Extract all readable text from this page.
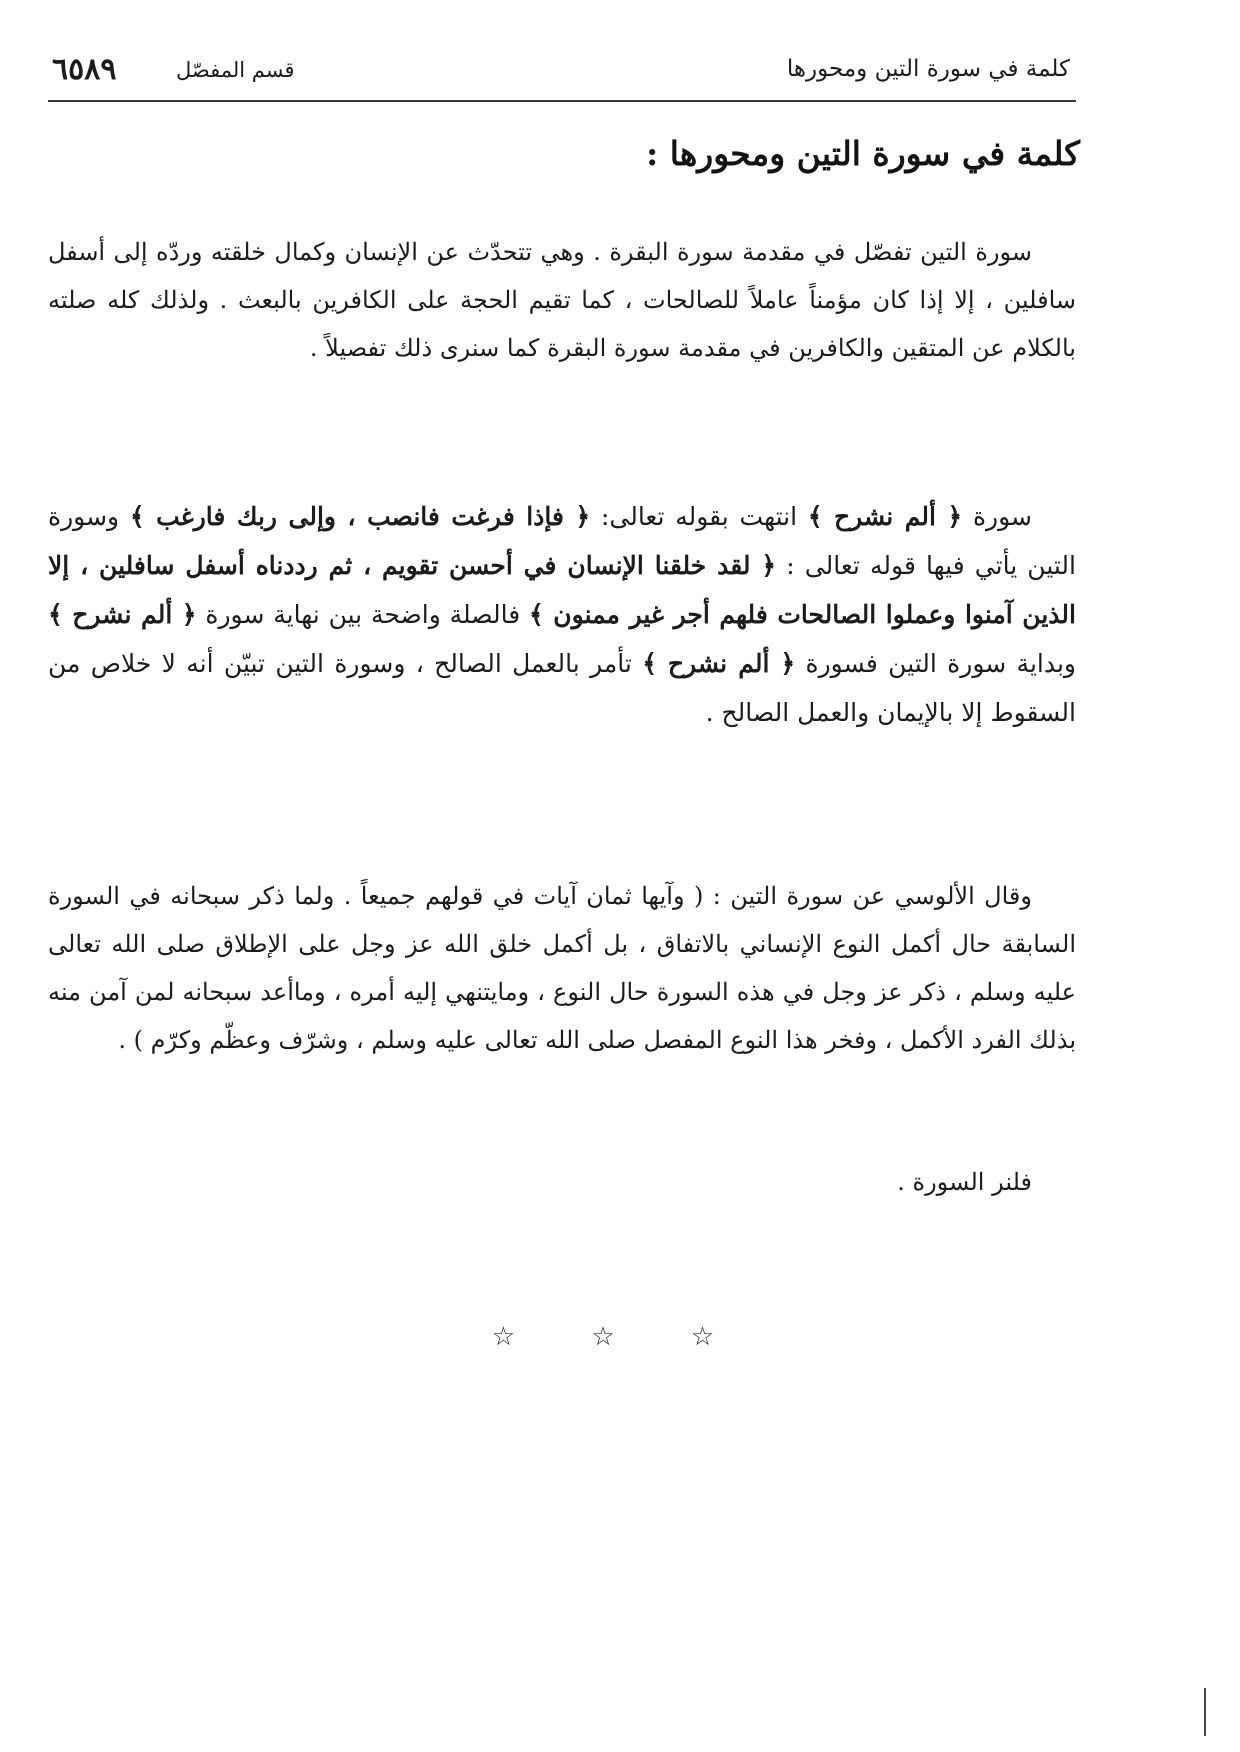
كلمة في سورة التين ومحورها
قسم المفصّل
٦٥٨٩
كلمة في سورة التين ومحورها :

سورة التين تفصّل في مقدمة سورة البقرة . وهي تتحدّث عن الإنسان وكمال خلقته وردّه إلى أسفل سافلين ، إلا إذا كان مؤمناً عاملاً للصالحات ، كما تقيم الحجة على الكافرين بالبعث . ولذلك كله صلته بالكلام عن المتقين والكافرين في مقدمة سورة البقرة كما سنرى ذلك تفصيلاً .

سورة ﴿ ألم نشرح ﴾ انتهت بقوله تعالى: ﴿ فإذا فرغت فانصب ، وإلى ربك فارغب ﴾ وسورة التين يأتي فيها قوله تعالى : ﴿ لقد خلقنا الإنسان في أحسن تقويم ، ثم رددناه أسفل سافلين ، إلا الذين آمنوا وعملوا الصالحات فلهم أجر غير ممنون ﴾ فالصلة واضحة بين نهاية سورة ﴿ ألم نشرح ﴾ وبداية سورة التين فسورة ﴿ ألم نشرح ﴾ تأمر بالعمل الصالح ، وسورة التين تبيّن أنه لا خلاص من السقوط إلا بالإيمان والعمل الصالح .

وقال الألوسي عن سورة التين : ( وآيها ثمان آيات في قولهم جميعاً . ولما ذكر سبحانه في السورة السابقة حال أكمل النوع الإنساني بالاتفاق ، بل أكمل خلق الله عز وجل على الإطلاق صلى الله تعالى عليه وسلم ، ذكر عز وجل في هذه السورة حال النوع ، ومايتنهي إليه أمره ، وماأعد سبحانه لمن آمن منه بذلك الفرد الأكمل ، وفخر هذا النوع المفصل صلى الله تعالى عليه وسلم ، وشرّف وعظّم وكرّم ) .

فلنر السورة .

☆ ☆ ☆
